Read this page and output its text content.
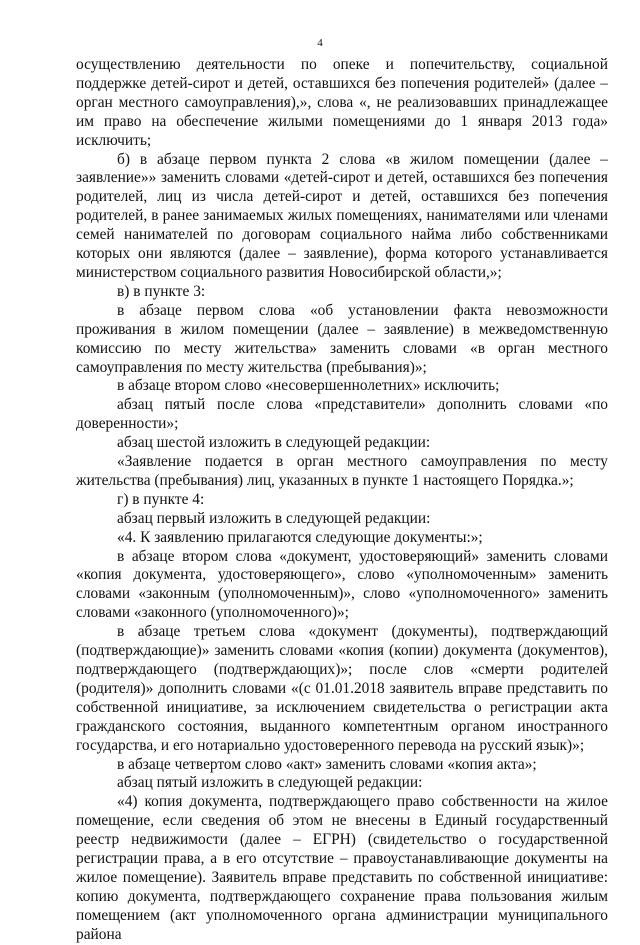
4

осуществлению деятельности по опеке и попечительству, социальной поддержке детей-сирот и детей, оставшихся без попечения родителей» (далее – орган местного самоуправления),», слова «, не реализовавших принадлежащее им право на обеспечение жилыми помещениями до 1 января 2013 года» исключить;

б) в абзаце первом пункта 2 слова «в жилом помещении (далее – заявление»» заменить словами «детей-сирот и детей, оставшихся без попечения родителей, лиц из числа детей-сирот и детей, оставшихся без попечения родителей, в ранее занимаемых жилых помещениях, нанимателями или членами семей нанимателей по договорам социального найма либо собственниками которых они являются (далее – заявление), форма которого устанавливается министерством социального развития Новосибирской области,»;

в) в пункте 3:

в абзаце первом слова «об установлении факта невозможности проживания в жилом помещении (далее – заявление) в межведомственную комиссию по месту жительства» заменить словами «в орган местного самоуправления по месту жительства (пребывания)»;

в абзаце втором слово «несовершеннолетних» исключить;

абзац пятый после слова «представители» дополнить словами «по доверенности»;

абзац шестой изложить в следующей редакции:

«Заявление подается в орган местного самоуправления по месту жительства (пребывания) лиц, указанных в пункте 1 настоящего Порядка.»;

г) в пункте 4:

абзац первый изложить в следующей редакции:

«4. К заявлению прилагаются следующие документы:»;

в абзаце втором слова «документ, удостоверяющий» заменить словами «копия документа, удостоверяющего», слово «уполномоченным» заменить словами «законным (уполномоченным)», слово «уполномоченного» заменить словами «законного (уполномоченного)»;

в абзаце третьем слова «документ (документы), подтверждающий (подтверждающие)» заменить словами «копия (копии) документа (документов), подтверждающего (подтверждающих)»; после слов «смерти родителей (родителя)» дополнить словами «(с 01.01.2018 заявитель вправе представить по собственной инициативе, за исключением свидетельства о регистрации акта гражданского состояния, выданного компетентным органом иностранного государства, и его нотариально удостоверенного перевода на русский язык)»;

в абзаце четвертом слово «акт» заменить словами «копия акта»;

абзац пятый изложить в следующей редакции:

«4) копия документа, подтверждающего право собственности на жилое помещение, если сведения об этом не внесены в Единый государственный реестр недвижимости (далее – ЕГРН) (свидетельство о государственной регистрации права, а в его отсутствие – правоустанавливающие документы на жилое помещение). Заявитель вправе представить по собственной инициативе: копию документа, подтверждающего сохранение права пользования жилым помещением (акт уполномоченного органа администрации муниципального района
